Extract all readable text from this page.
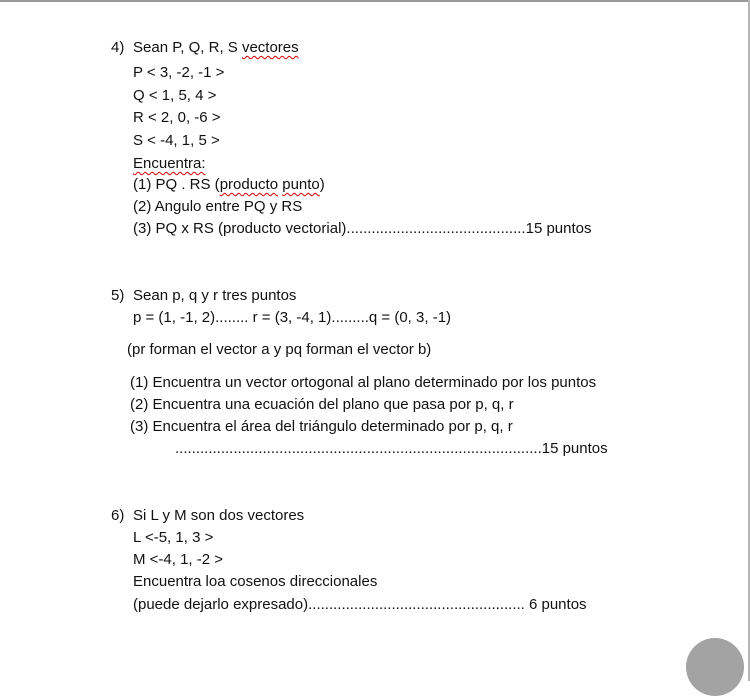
4) Sean P, Q, R, S vectores
P < 3, -2, -1 >
Q < 1, 5, 4 >
R < 2, 0, -6 >
S < -4, 1, 5 >
Encuentra:
(1) PQ . RS (producto punto)
(2) Angulo entre PQ y RS
(3) PQ x RS (producto vectorial)...........................................15 puntos
5) Sean p, q y r tres puntos
p = (1, -1, 2)........ r = (3, -4, 1).........q = (0, 3, -1)
(pr forman el vector a y pq forman el vector b)
(1) Encuentra un vector ortogonal al plano determinado por los puntos
(2) Encuentra una ecuación del plano que pasa por p, q, r
(3) Encuentra el área del triángulo determinado por p, q, r
........................................................................................15 puntos
6) Si L y M son dos vectores
L <-5, 1, 3 >
M <-4, 1, -2 >
Encuentra loa cosenos direccionales
(puede dejarlo expresado).................................................... 6 puntos
